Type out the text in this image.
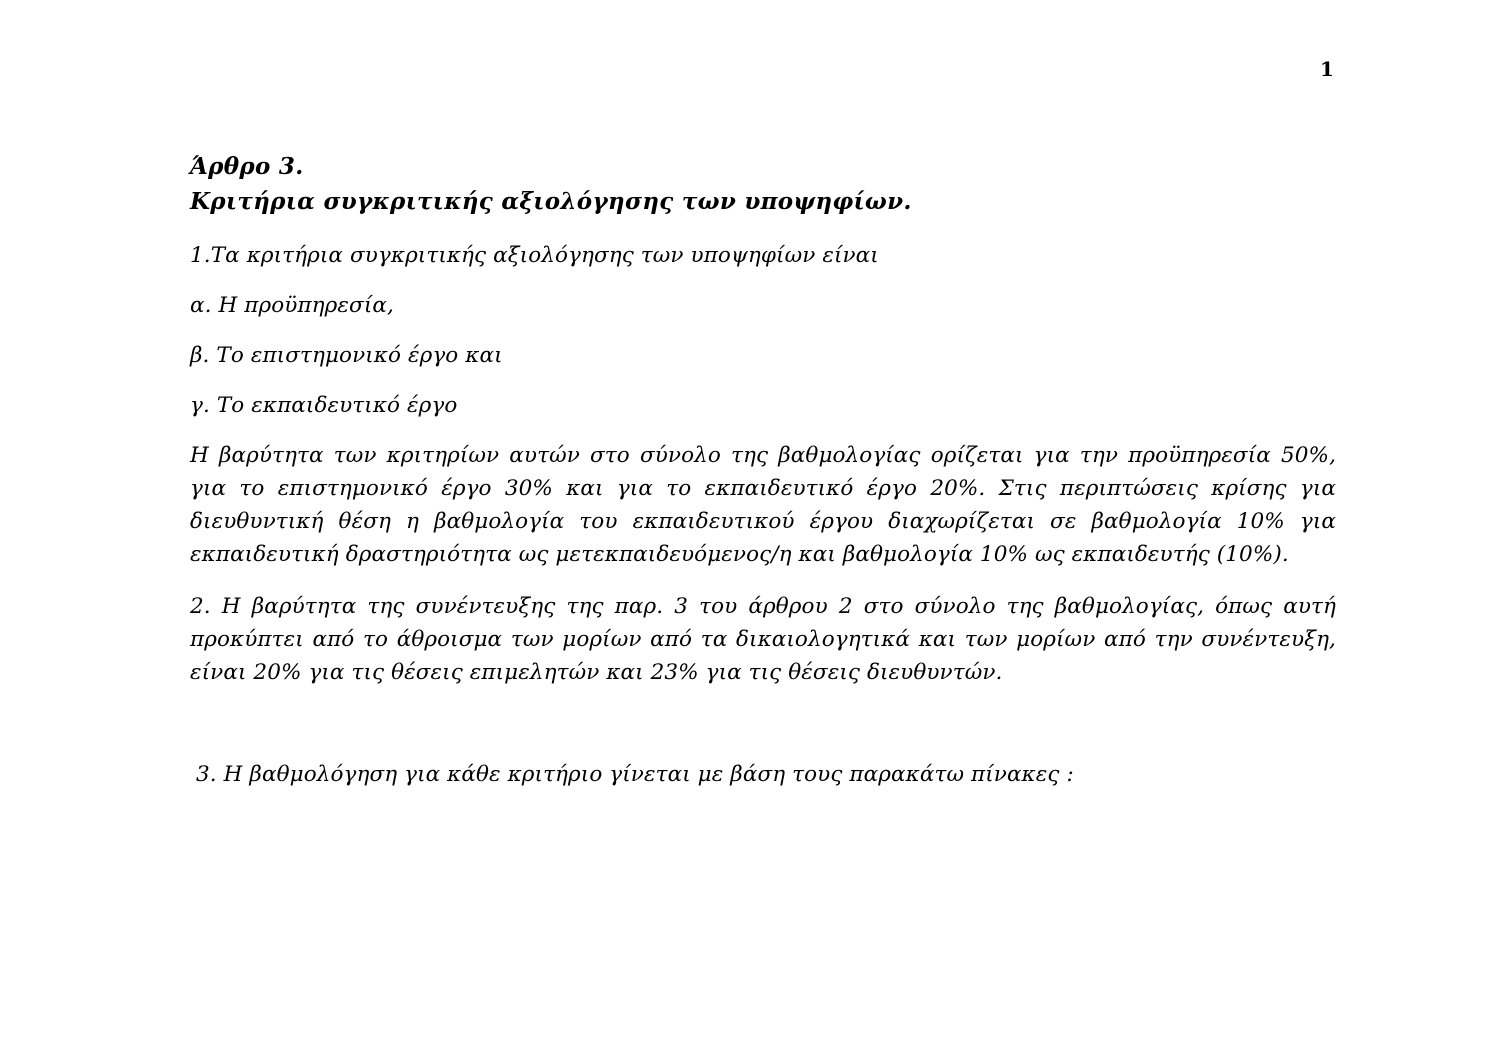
1
Άρθρο 3.
Κριτήρια συγκριτικής αξιολόγησης των υποψηφίων.

1.Τα κριτήρια συγκριτικής αξιολόγησης των υποψηφίων είναι

α. Η προϋπηρεσία,

β. Το επιστημονικό έργο και

γ. Το εκπαιδευτικό έργο

Η βαρύτητα των κριτηρίων αυτών στο σύνολο της βαθμολογίας ορίζεται για την προϋπηρεσία 50%, για το επιστημονικό έργο 30% και για το εκπαιδευτικό έργο 20%. Στις περιπτώσεις κρίσης για διευθυντική θέση η βαθμολογία του εκπαιδευτικού έργου διαχωρίζεται σε βαθμολογία 10% για εκπαιδευτική δραστηριότητα ως μετεκπαιδευόμενος/η και βαθμολογία 10% ως εκπαιδευτής (10%).

2. Η βαρύτητα της συνέντευξης της παρ. 3 του άρθρου 2 στο σύνολο της βαθμολογίας, όπως αυτή προκύπτει από το άθροισμα των μορίων από τα δικαιολογητικά και των μορίων από την συνέντευξη, είναι 20% για τις θέσεις επιμελητών και 23% για τις θέσεις διευθυντών.

3. Η βαθμολόγηση για κάθε κριτήριο γίνεται με βάση τους παρακάτω πίνακες :
